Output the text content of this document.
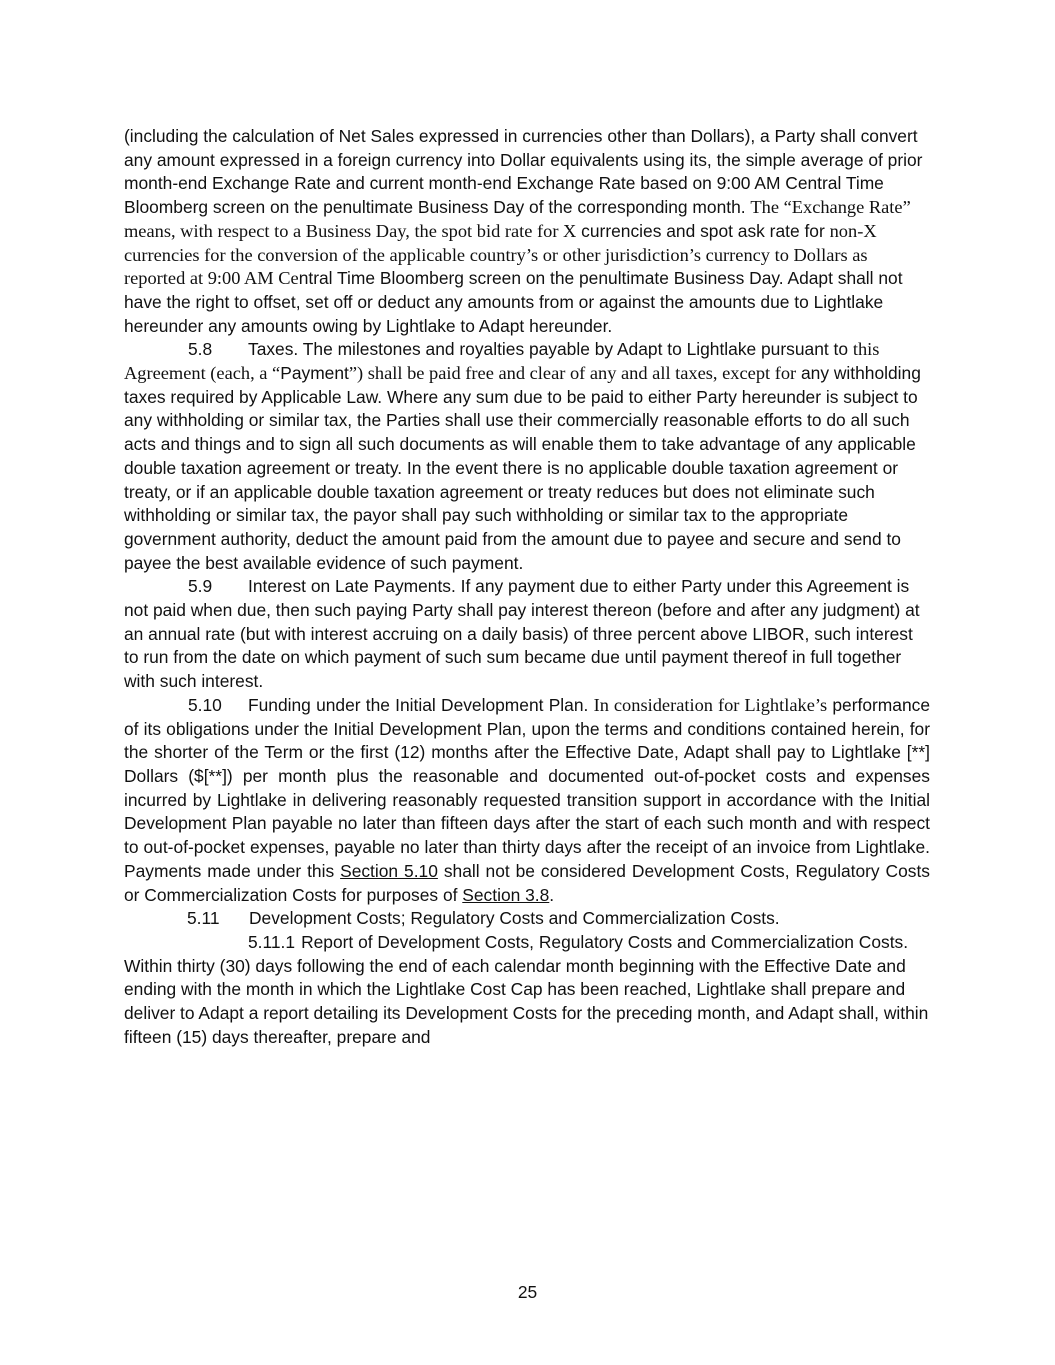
(including the calculation of Net Sales expressed in currencies other than Dollars), a Party shall convert any amount expressed in a foreign currency into Dollar equivalents using its, the simple average of prior month-end Exchange Rate and current month-end Exchange Rate based on 9:00 AM Central Time Bloomberg screen on the penultimate Business Day of the corresponding month. The “Exchange Rate” means, with respect to a Business Day, the spot bid rate for X currencies and spot ask rate for non-X currencies for the conversion of the applicable country’s or other jurisdiction’s currency to Dollars as reported at 9:00 AM Central Time Bloomberg screen on the penultimate Business Day. Adapt shall not have the right to offset, set off or deduct any amounts from or against the amounts due to Lightlake hereunder any amounts owing by Lightlake to Adapt hereunder.

5.8 Taxes. The milestones and royalties payable by Adapt to Lightlake pursuant to this Agreement (each, a “Payment”) shall be paid free and clear of any and all taxes, except for any withholding taxes required by Applicable Law. Where any sum due to be paid to either Party hereunder is subject to any withholding or similar tax, the Parties shall use their commercially reasonable efforts to do all such acts and things and to sign all such documents as will enable them to take advantage of any applicable double taxation agreement or treaty. In the event there is no applicable double taxation agreement or treaty, or if an applicable double taxation agreement or treaty reduces but does not eliminate such withholding or similar tax, the payor shall pay such withholding or similar tax to the appropriate government authority, deduct the amount paid from the amount due to payee and secure and send to payee the best available evidence of such payment.

5.9 Interest on Late Payments. If any payment due to either Party under this Agreement is not paid when due, then such paying Party shall pay interest thereon (before and after any judgment) at an annual rate (but with interest accruing on a daily basis) of three percent above LIBOR, such interest to run from the date on which payment of such sum became due until payment thereof in full together with such interest.

5.10 Funding under the Initial Development Plan. In consideration for Lightlake’s performance of its obligations under the Initial Development Plan, upon the terms and conditions contained herein, for the shorter of the Term or the first (12) months after the Effective Date, Adapt shall pay to Lightlake [**] Dollars ($[**]) per month plus the reasonable and documented out-of-pocket costs and expenses incurred by Lightlake in delivering reasonably requested transition support in accordance with the Initial Development Plan payable no later than fifteen days after the start of each such month and with respect to out-of-pocket expenses, payable no later than thirty days after the receipt of an invoice from Lightlake. Payments made under this Section 5.10 shall not be considered Development Costs, Regulatory Costs or Commercialization Costs for purposes of Section 3.8.

5.11 Development Costs; Regulatory Costs and Commercialization Costs.

5.11.1 Report of Development Costs, Regulatory Costs and Commercialization Costs. Within thirty (30) days following the end of each calendar month beginning with the Effective Date and ending with the month in which the Lightlake Cost Cap has been reached, Lightlake shall prepare and deliver to Adapt a report detailing its Development Costs for the preceding month, and Adapt shall, within fifteen (15) days thereafter, prepare and

25
